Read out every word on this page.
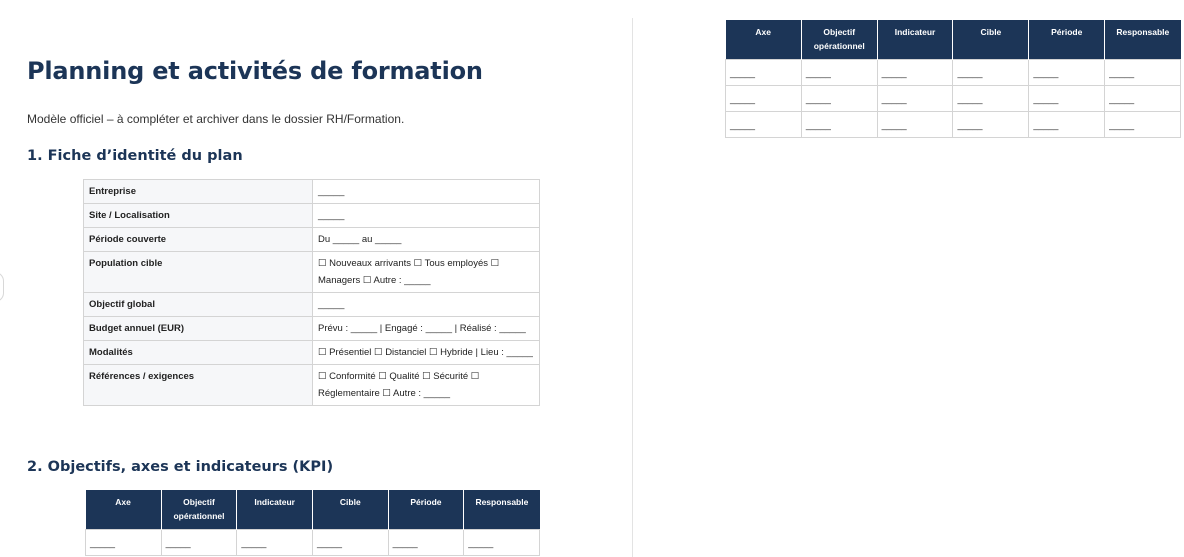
Planning et activités de formation
Modèle officiel – à compléter et archiver dans le dossier RH/Formation.
1. Fiche d’identité du plan
Entreprise	_____
Site / Localisation	_____
Période couverte	Du _____ au _____
Population cible	☐ Nouveaux arrivants ☐ Tous employés ☐ Managers ☐ Autre : _____
Objectif global	_____
Budget annuel (EUR)	Prévu : _____ | Engagé : _____ | Réalisé : _____
Modalités	☐ Présentiel ☐ Distanciel ☐ Hybride | Lieu : _____
Références / exigences	☐ Conformité ☐ Qualité ☐ Sécurité ☐ Réglementaire ☐ Autre : _____
2. Objectifs, axes et indicateurs (KPI)
Axe	Objectif opérationnel	Indicateur	Cible	Période	Responsable
_____	_____	_____	_____	_____	_____
Axe	Objectif opérationnel	Indicateur	Cible	Période	Responsable
_____	_____	_____	_____	_____	_____
_____	_____	_____	_____	_____	_____
_____	_____	_____	_____	_____	_____
